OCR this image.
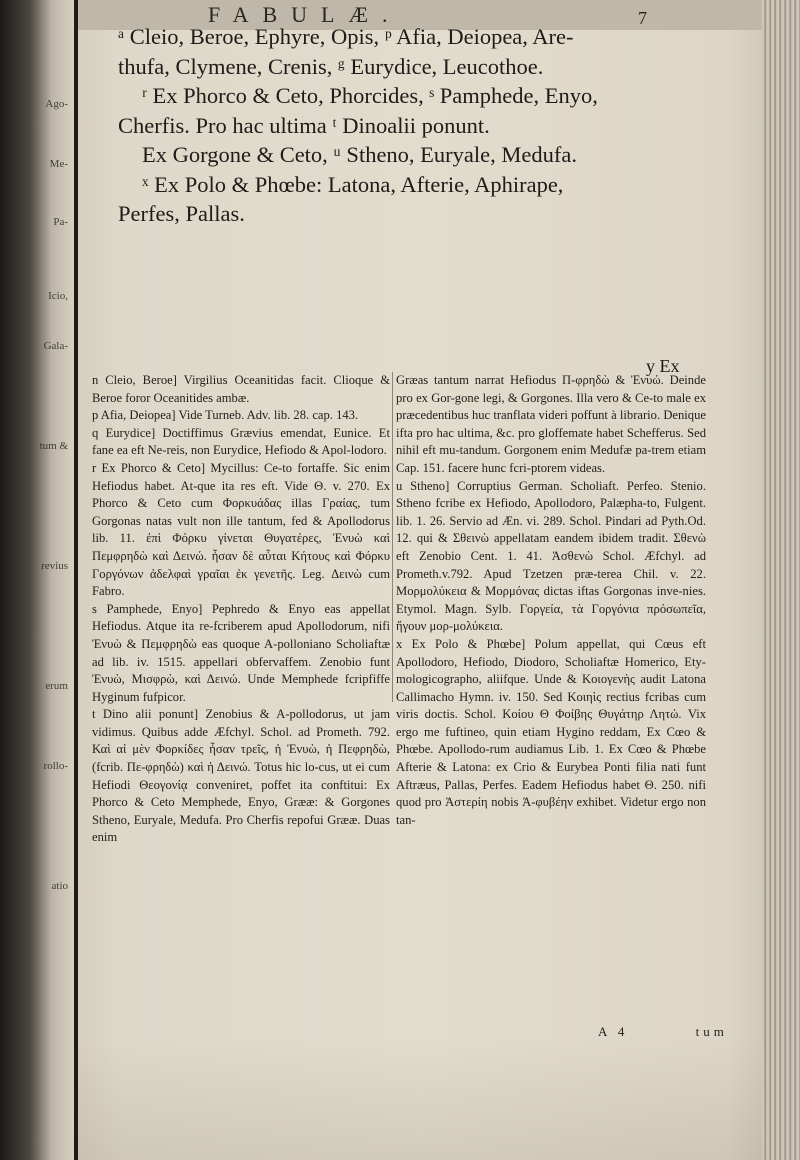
Ago-
Me-
Pa-
Icio,
Gala-
tum &
revius
erum
rollo-
atio
FABULÆ.	7
ᵃ Cleio, Beroe, Ephyre, Opis, ᵖ Afia, Deiopea, Are-
thufa, Clymene, Crenis, ᵍ Eurydice, Leucothoe.
ʳ Ex Phorco & Ceto, Phorcides, ˢ Pamphede, Enyo,
Cherfis. Pro hac ultima ᵗ Dinoalii ponunt.
Ex Gorgone & Ceto, ᵘ Stheno, Euryale, Medufa.
ˣ Ex Polo & Phœbe: Latona, Afterie, Aphirape,
Perfes, Pallas.
y Ex

n Cleio, Beroe] Virgilius Oceanitidas facit. Clioque & Beroe foror Oceanitides ambæ.

p Afia, Deiopea] Vide Turneb. Adv. lib. 28. cap. 143.

q Eurydice] Doctiffimus Grævius emendat, Eunice. Et fane ea eft Ne-reis, non Eurydice, Hefiodo & Apol-lodoro.

r Ex Phorco & Ceto] Mycillus: Ce-to fortaffe. Sic enim Hefiodus habet. At-que ita res eft. Vide Θ. v. 270. Ex Phorco & Ceto cum Φορκυάδας illas Γραίας, tum Gorgonas natas vult non ille tantum, fed & Apollodorus lib. 11. ἐπὶ Φόρκυ γίνεται Θυγατέρες, Ἐνυὼ καὶ Πεμφρηδὼ καὶ Δεινώ. ἦσαν δὲ αὗται Κήτους καὶ Φόρκυ Γοργόνων ἀδελφαὶ γραῖαι ἐκ γενετῆς. Leg. Δεινὼ cum Fabro.

s Pamphede, Enyo] Pephredo & Enyo eas appellat Hefiodus. Atque ita re-fcriberem apud Apollodorum, nifi Ἐνυὼ & Πεμφρηδὼ eas quoque A-polloniano Scholiaftæ ad lib. iv. 1515. appellari obfervaffem. Zenobio funt Ἐνυὼ, Μισφρὼ, καὶ Δεινώ. Unde Memphede fcripfiffe Hyginum fufpicor.

t Dino alii ponunt] Zenobius & A-pollodorus, ut jam vidimus. Quibus adde Æfchyl. Schol. ad Prometh. 792. Καὶ αἱ μὲν Φορκίδες ἦσαν τρεῖς, ἡ Ἐνυὼ, ἡ Πεφρηδὼ, (fcrib. Πε-φρηδὼ) καὶ ἡ Δεινώ. Totus hic lo-cus, ut ei cum Hefiodi Θεογονίᾳ conveniret, poffet ita conftitui: Ex Phorco & Ceto Memphede, Enyo, Grææ: & Gorgones Stheno, Euryale, Medufa. Pro Cherfis repofui Grææ. Duas enim

Græas tantum narrat Hefiodus Π-φρηδὼ & Ἐνυώ. Deinde pro ex Gor-gone legi, & Gorgones. Illa vero & Ce-to male ex præcedentibus huc tranflata videri poffunt à librario. Denique ifta pro hac ultima, &c. pro gloffemate habet Schefferus. Sed nihil eft mu-tandum. Gorgonem enim Medufæ pa-trem etiam Cap. 151. facere hunc fcri-ptorem videas.

u Stheno] Corruptius German. Scholiaft. Perfeo. Stenio. Stheno fcribe ex Hefiodo, Apollodoro, Palæpha-to, Fulgent. lib. 1. 26. Servio ad Æn. vi. 289. Schol. Pindari ad Pyth.Od. 12. qui & Σθεινὼ appellatam eandem ibidem tradit. Σθενὼ eft Zenobio Cent. 1. 41. Ἀσθενὼ Schol. Æfchyl. ad Prometh.v.792. Apud Tzetzen præ-terea Chil. v. 22. Μορμολύκεια & Μορμόνας dictas iftas Gorgonas inve-nies. Etymol. Magn. Sylb. Γοργεία, τὰ Γοργόνια πρόσωπεῖα, ἤγουν μορ-μολύκεια.

x Ex Polo & Phœbe] Polum appellat, qui Cœus eft Apollodoro, Hefiodo, Diodoro, Scholiaftæ Homerico, Ety-mologicographo, aliifque. Unde & Κοιογενὴς audit Latona Callimacho Hymn. iv. 150. Sed Κοιηὶς rectius fcribas cum viris doctis. Schol. Κοίου Θ Φοίβης Θυγάτηρ Λητώ. Vix ergo me fuftineo, quin etiam Hygino reddam, Ex Cœo & Phœbe. Apollodo-rum audiamus Lib. 1. Ex Cœo & Phœbe Afterie & Latona: ex Crio & Eurybea Ponti filia nati funt Aftræus, Pallas, Perfes. Eadem Hefiodus habet Θ. 250. nifi quod pro Ἀστερίη nobis Ἀ-φυβέην exhibet. Videtur ergo non tan-

A 4	tum
